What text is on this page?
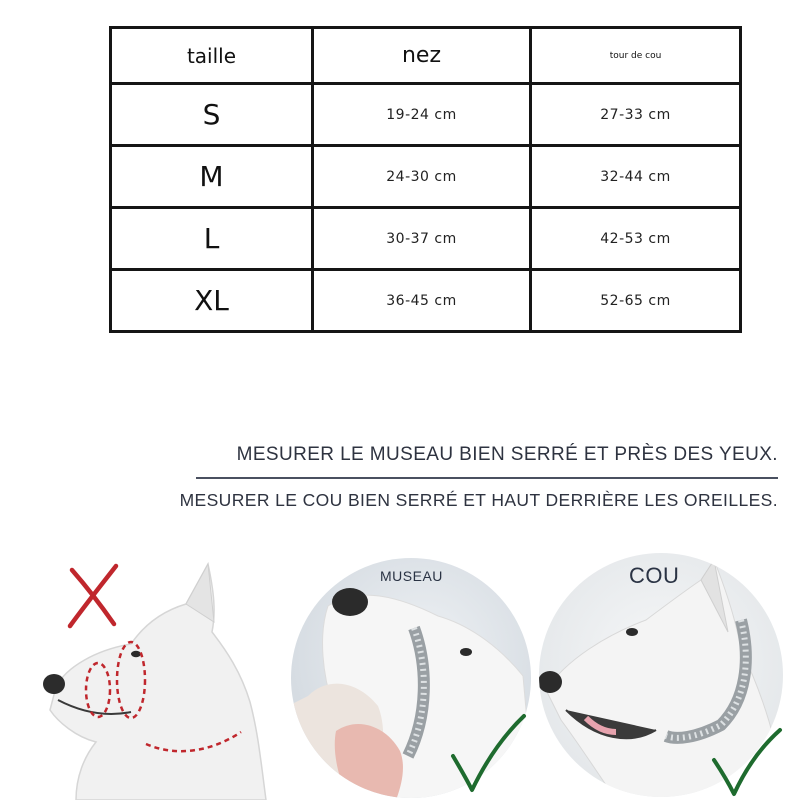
taille	nez	tour de cou
S	19-24 cm	27-33 cm
M	24-30 cm	32-44 cm
L	30-37 cm	42-53 cm
XL	36-45 cm	52-65 cm
MESURER LE MUSEAU BIEN SERRÉ ET PRÈS DES YEUX.
MESURER LE COU BIEN SERRÉ ET HAUT DERRIÈRE LES OREILLES.
MUSEAU	COU
